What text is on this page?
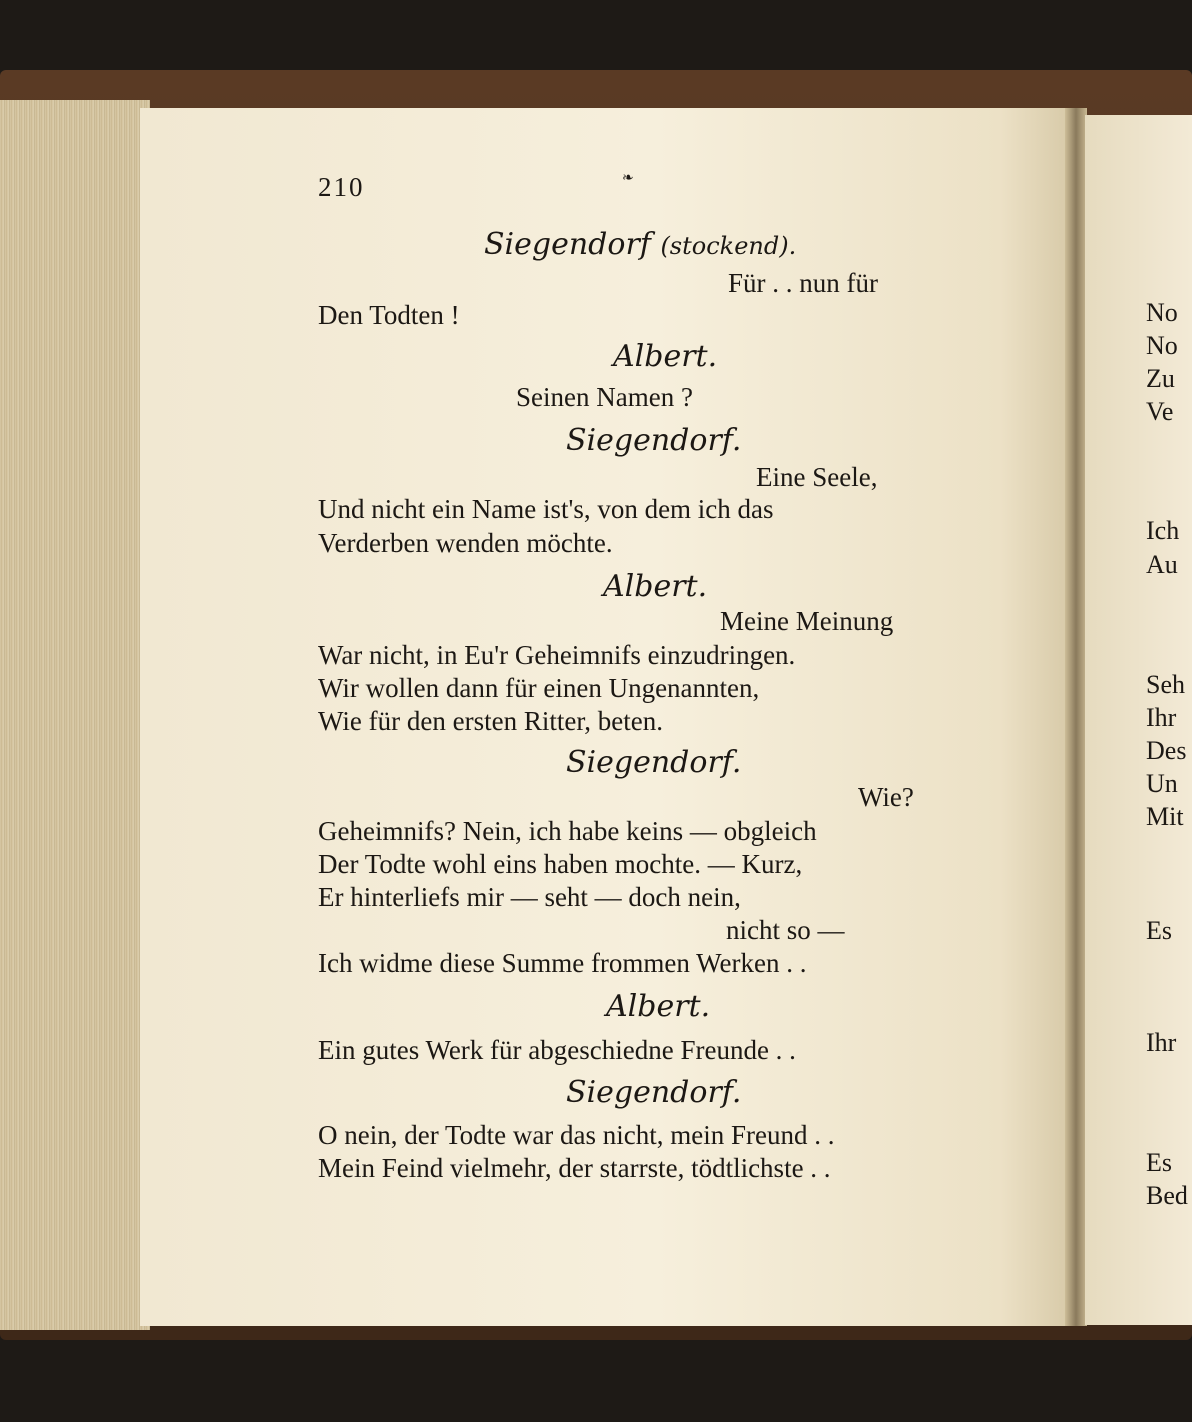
210	❧
Siegendorf (stockend).
Für . . nun für
Den Todten !
Albert.
Seinen Namen ?
Siegendorf.
Eine Seele,
Und nicht ein Name ist's, von dem ich das
Verderben wenden möchte.
Albert.
Meine Meinung
War nicht, in Eu'r Geheimnifs einzudringen.
Wir wollen dann für einen Ungenannten,
Wie für den ersten Ritter, beten.
Siegendorf.
Wie?
Geheimnifs? Nein, ich habe keins — obgleich
Der Todte wohl eins haben mochte. — Kurz,
Er hinterliefs mir — seht — doch nein,
nicht so —
Ich widme diese Summe frommen Werken . .
Albert.
Ein gutes Werk für abgeschiedne Freunde . .
Siegendorf.
O nein, der Todte war das nicht, mein Freund . .
Mein Feind vielmehr, der starrste, tödtlichste . .
No
No
Zu
Ve
Ich
Au
Seh
Ihr
Des
Un
Mit
Es
Ihr
Es
Bed
